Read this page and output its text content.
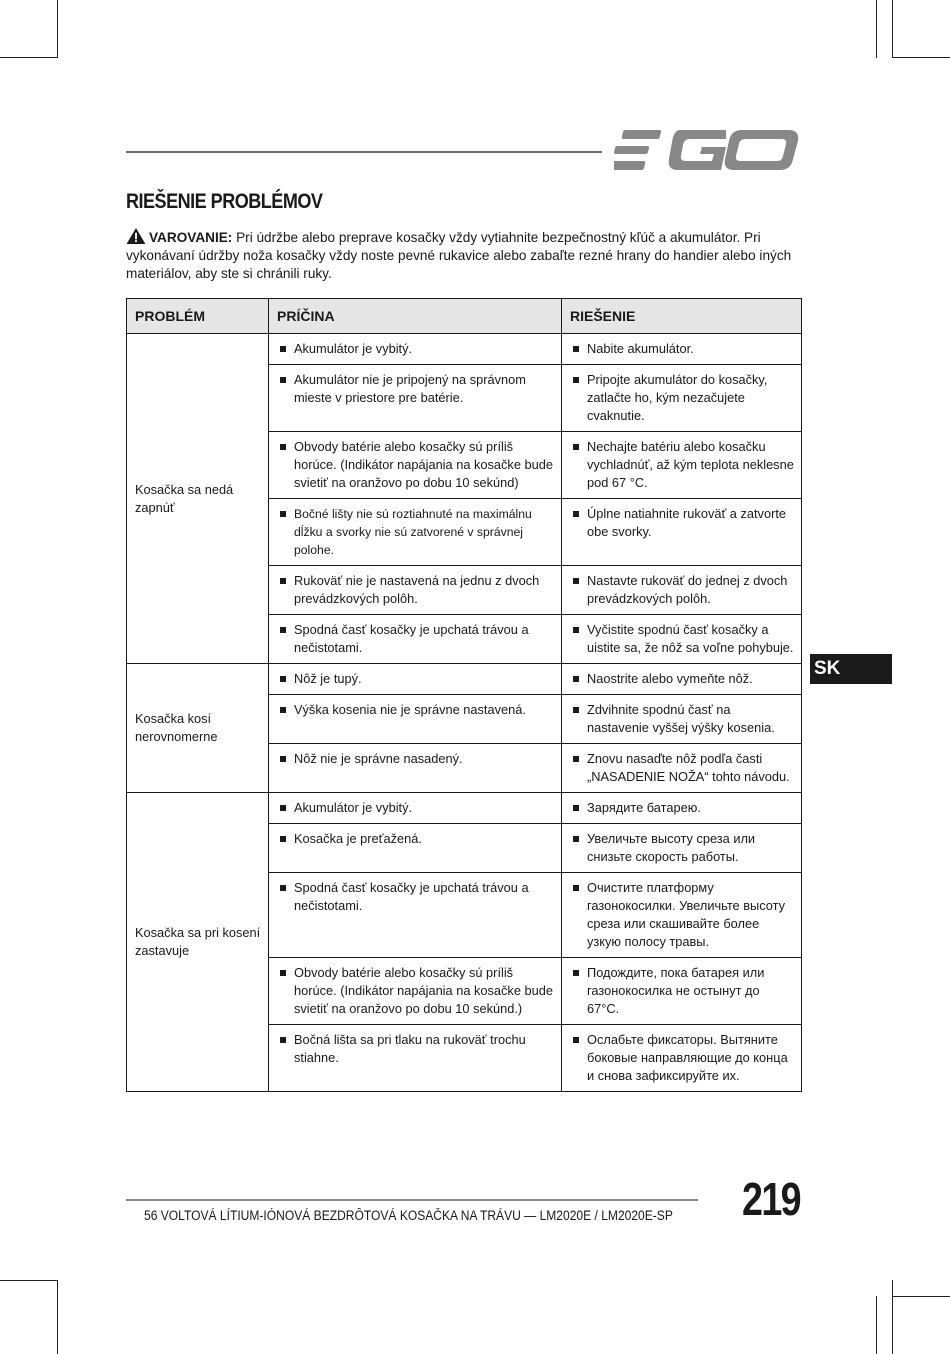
RIEŠENIE PROBLÉMOV
VAROVANIE: Pri údržbe alebo preprave kosačky vždy vytiahnite bezpečnostný kľúč a akumulátor. Pri vykonávaní údržby noža kosačky vždy noste pevné rukavice alebo zabaľte rezné hrany do handier alebo iných materiálov, aby ste si chránili ruky.
PROBLÉM	PRÍČINA	RIEŠENIE
Kosačka sa nedá zapnúť	Akumulátor je vybitý.	Nabite akumulátor.

	Akumulátor nie je pripojený na správnom mieste v priestore pre batérie.	Pripojte akumulátor do kosačky, zatlačte ho, kým nezačujete cvaknutie.

	Obvody batérie alebo kosačky sú príliš horúce. (Indikátor napájania na kosačke bude svietiť na oranžovo po dobu 10 sekúnd)	Nechajte batériu alebo kosačku vychladnúť, až kým teplota neklesne pod 67 °C.

	Bočné lišty nie sú roztiahnuté na maximálnu dĺžku a svorky nie sú zatvorené v správnej polohe.	Úplne natiahnite rukoväť a zatvorte obe svorky.

	Rukoväť nie je nastavená na jednu z dvoch prevádzkových polôh.	Nastavte rukoväť do jednej z dvoch prevádzkových polôh.

	Spodná časť kosačky je upchatá trávou a nečistotami.	Vyčistite spodnú časť kosačky a uistite sa, že nôž sa voľne pohybuje.

Kosačka kosí nerovnomerne	Nôž je tupý.	Naostrite alebo vymeňte nôž.

	Výška kosenia nie je správne nastavená.	Zdvihnite spodnú časť na nastavenie vyššej výšky kosenia.

	Nôž nie je správne nasadený.	Znovu nasaďte nôž podľa časti „NASADENIE NOŽA“ tohto návodu.

Kosačka sa pri kosení zastavuje	Akumulátor je vybitý.	Зарядите батарею.

	Kosačka je preťažená.	Увеличьте высоту среза или снизьте скорость работы.

	Spodná časť kosačky je upchatá trávou a nečistotami.	Очистите платформу газонокосилки. Увеличьте высоту среза или скашивайте более узкую полосу травы.

	Obvody batérie alebo kosačky sú príliš horúce. (Indikátor napájania na kosačke bude svietiť na oranžovo po dobu 10 sekúnd.)	Подождите, пока батарея или газонокосилка не остынут до 67°C.

	Bočná lišta sa pri tlaku na rukoväť trochu stiahne.	Ослабьте фиксаторы. Вытяните боковые направляющие до конца и снова зафиксируйте их.
SK
56 VOLTOVÁ LÍTIUM-IÓNOVÁ BEZDRÔTOVÁ KOSAČKA NA TRÁVU — LM2020E / LM2020E-SP 219
